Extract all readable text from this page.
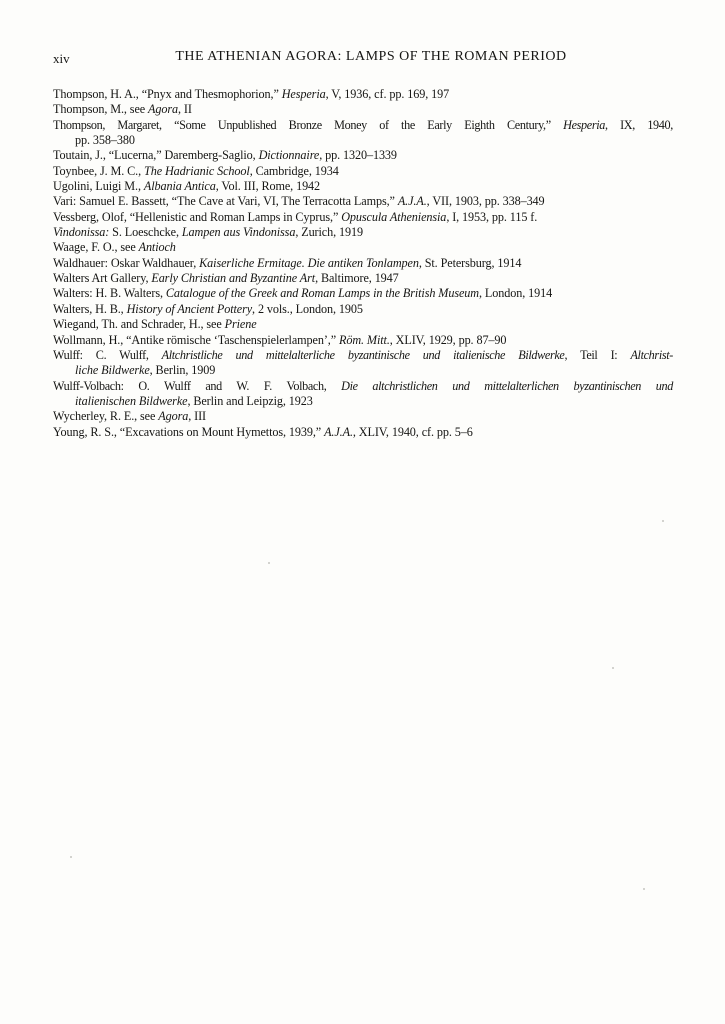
xiv	THE ATHENIAN AGORA: LAMPS OF THE ROMAN PERIOD
Thompson, H. A., “Pnyx and Thesmophorion,” Hesperia, V, 1936, cf. pp. 169, 197
Thompson, M., see Agora, II
Thompson, Margaret, “Some Unpublished Bronze Money of the Early Eighth Century,” Hesperia, IX, 1940,
pp. 358–380
Toutain, J., “Lucerna,” Daremberg-Saglio, Dictionnaire, pp. 1320–1339
Toynbee, J. M. C., The Hadrianic School, Cambridge, 1934
Ugolini, Luigi M., Albania Antica, Vol. III, Rome, 1942
Vari: Samuel E. Bassett, “The Cave at Vari, VI, The Terracotta Lamps,” A.J.A., VII, 1903, pp. 338–349
Vessberg, Olof, “Hellenistic and Roman Lamps in Cyprus,” Opuscula Atheniensia, I, 1953, pp. 115 f.
Vindonissa: S. Loeschcke, Lampen aus Vindonissa, Zurich, 1919
Waage, F. O., see Antioch
Waldhauer: Oskar Waldhauer, Kaiserliche Ermitage. Die antiken Tonlampen, St. Petersburg, 1914
Walters Art Gallery, Early Christian and Byzantine Art, Baltimore, 1947
Walters: H. B. Walters, Catalogue of the Greek and Roman Lamps in the British Museum, London, 1914
Walters, H. B., History of Ancient Pottery, 2 vols., London, 1905
Wiegand, Th. and Schrader, H., see Priene
Wollmann, H., “Antike römische ‘Taschenspielerlampen’,” Röm. Mitt., XLIV, 1929, pp. 87–90
Wulff: C. Wulff, Altchristliche und mittelalterliche byzantinische und italienische Bildwerke, Teil I: Altchrist-
liche Bildwerke, Berlin, 1909
Wulff-Volbach: O. Wulff and W. F. Volbach, Die altchristlichen und mittelalterlichen byzantinischen und
italienischen Bildwerke, Berlin and Leipzig, 1923
Wycherley, R. E., see Agora, III
Young, R. S., “Excavations on Mount Hymettos, 1939,” A.J.A., XLIV, 1940, cf. pp. 5–6
